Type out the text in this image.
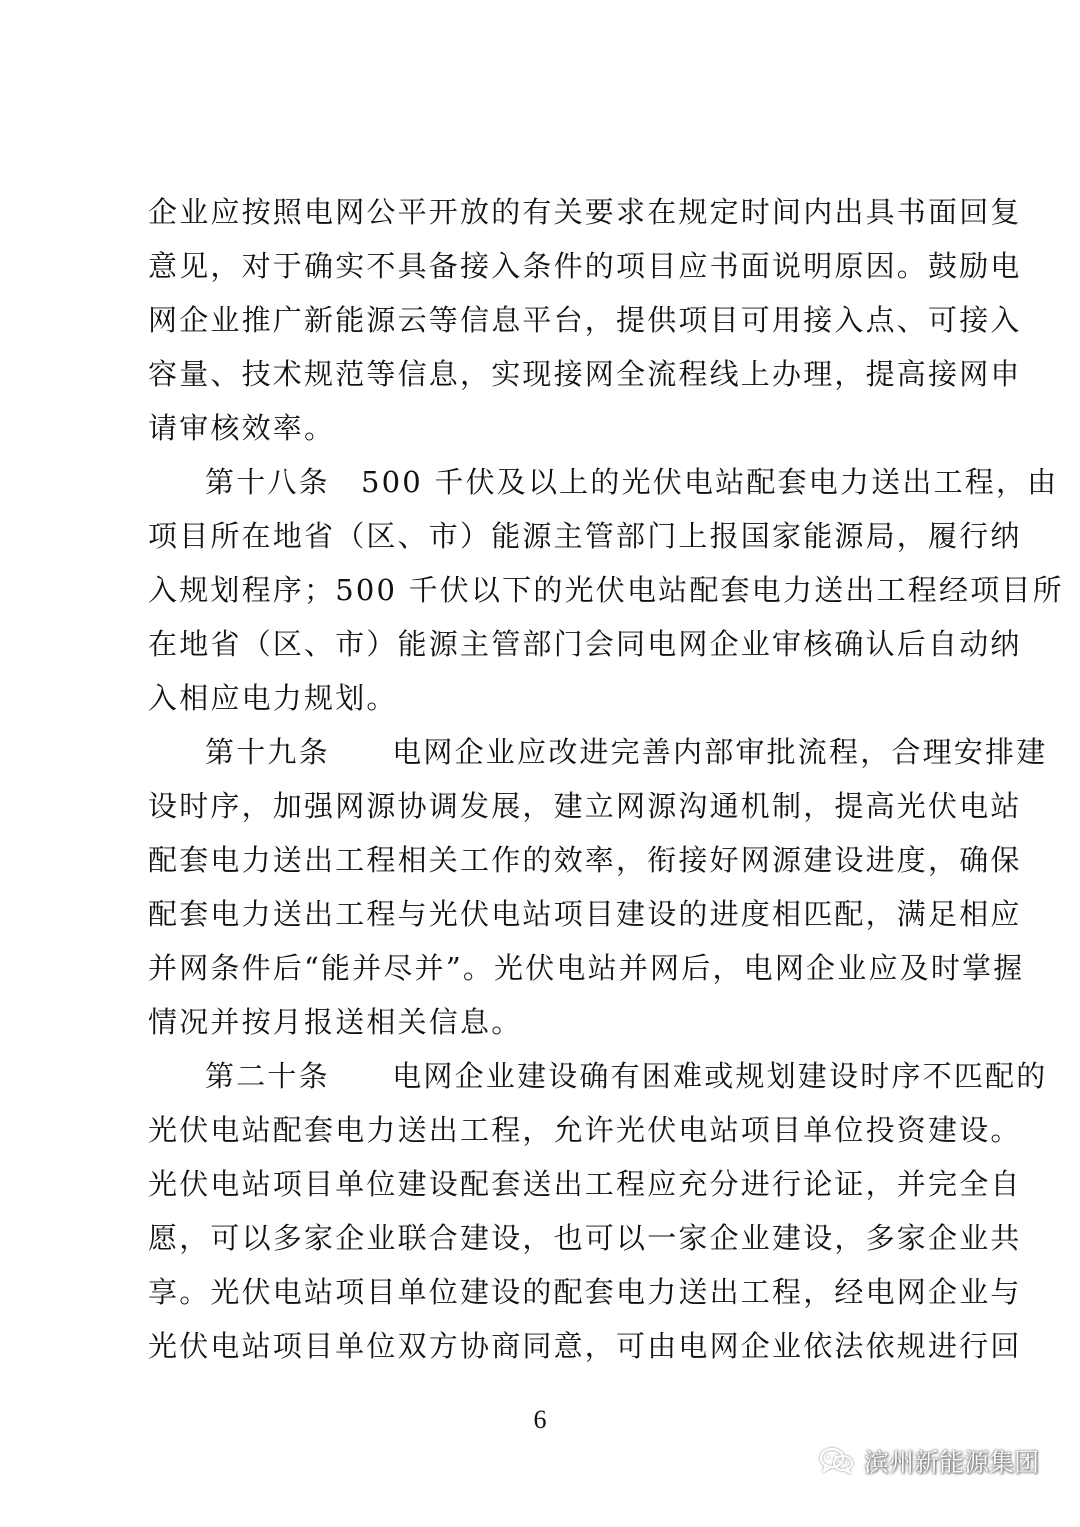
企业应按照电网公平开放的有关要求在规定时间内出具书面回复
意见，对于确实不具备接入条件的项目应书面说明原因。鼓励电
网企业推广新能源云等信息平台，提供项目可用接入点、可接入
容量、技术规范等信息，实现接网全流程线上办理，提高接网申
请审核效率。
第十八条　500 千伏及以上的光伏电站配套电力送出工程，由
项目所在地省（区、市）能源主管部门上报国家能源局，履行纳
入规划程序；500 千伏以下的光伏电站配套电力送出工程经项目所
在地省（区、市）能源主管部门会同电网企业审核确认后自动纳
入相应电力规划。
第十九条　　电网企业应改进完善内部审批流程，合理安排建
设时序，加强网源协调发展，建立网源沟通机制，提高光伏电站
配套电力送出工程相关工作的效率，衔接好网源建设进度，确保
配套电力送出工程与光伏电站项目建设的进度相匹配，满足相应
并网条件后“能并尽并”。光伏电站并网后，电网企业应及时掌握
情况并按月报送相关信息。
第二十条　　电网企业建设确有困难或规划建设时序不匹配的
光伏电站配套电力送出工程，允许光伏电站项目单位投资建设。
光伏电站项目单位建设配套送出工程应充分进行论证，并完全自
愿，可以多家企业联合建设，也可以一家企业建设，多家企业共
享。光伏电站项目单位建设的配套电力送出工程，经电网企业与
光伏电站项目单位双方协商同意，可由电网企业依法依规进行回
6
滨州新能源集团
